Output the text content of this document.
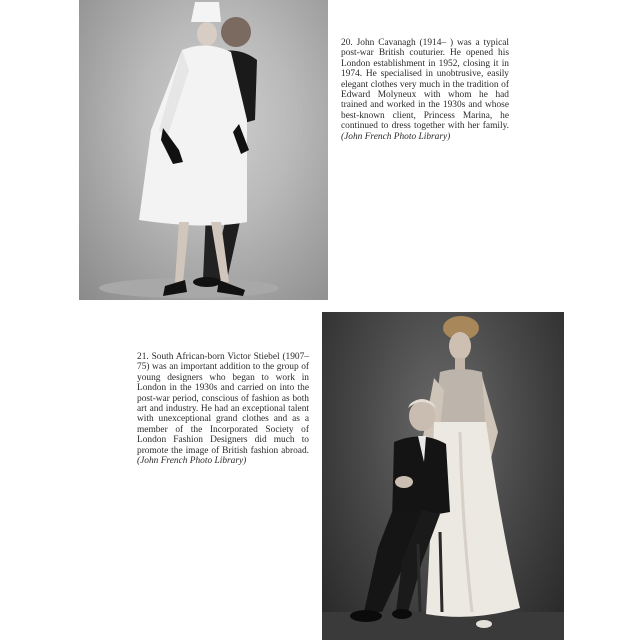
20. John Cavanagh (1914– ) was a typical post-war British couturier. He opened his London establishment in 1952, closing it in 1974. He specialised in unobtrusive, easily elegant clothes very much in the tradition of Edward Molyneux with whom he had trained and worked in the 1930s and whose best-known client, Princess Marina, he continued to dress together with her family. (John French Photo Library)

21. South African-born Victor Stiebel (1907–75) was an important addition to the group of young designers who began to work in London in the 1930s and carried on into the post-war period, conscious of fashion as both art and industry. He had an exceptional talent with unexceptional grand clothes and as a member of the Incorporated Society of London Fashion Designers did much to promote the image of British fashion abroad. (John French Photo Library)
